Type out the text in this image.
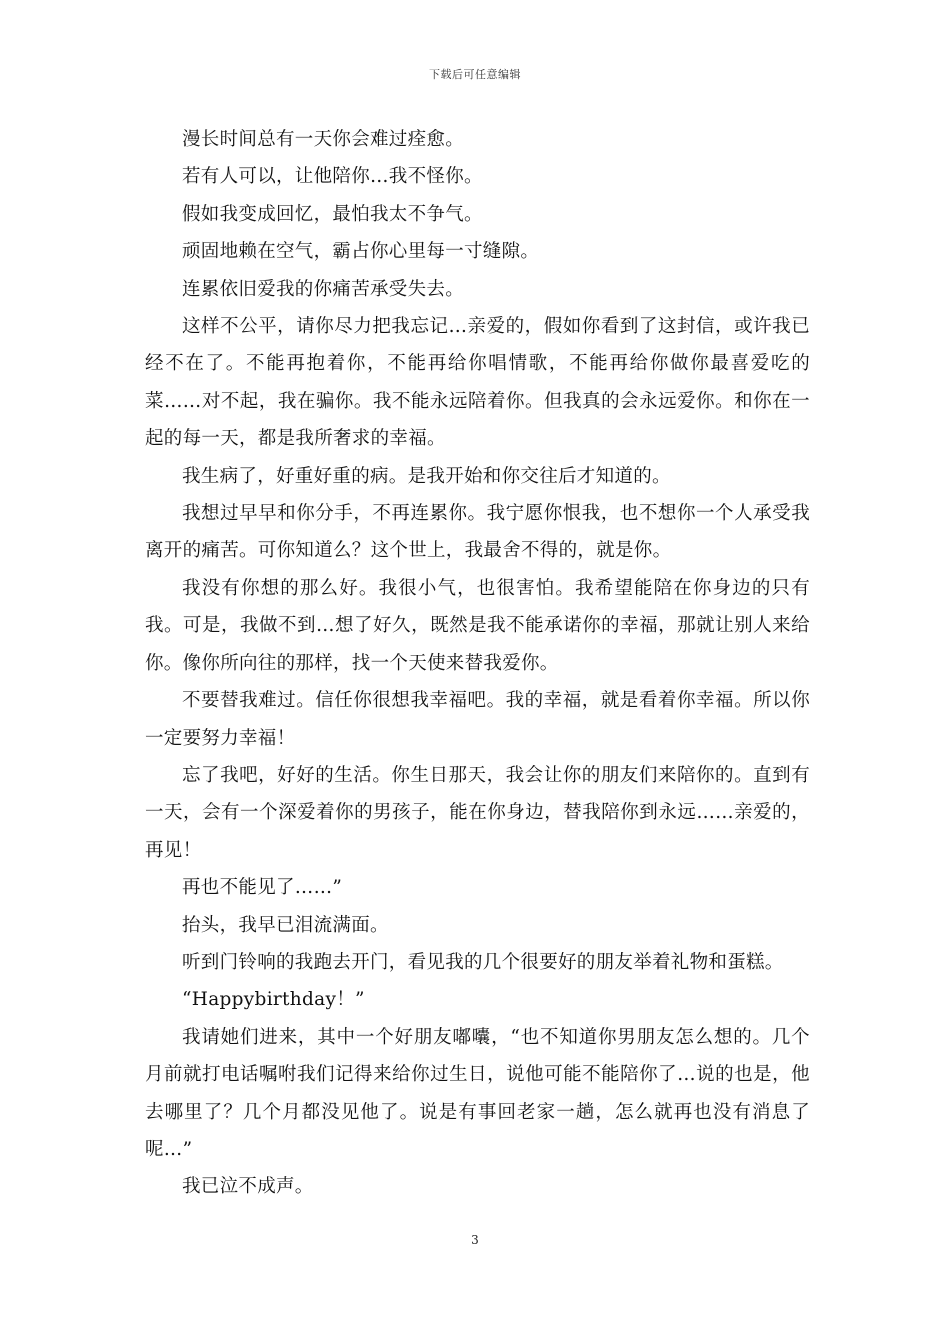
下载后可任意编辑

漫长时间总有一天你会难过痊愈。

若有人可以，让他陪你…我不怪你。

假如我变成回忆，最怕我太不争气。

顽固地赖在空气，霸占你心里每一寸缝隙。

连累依旧爱我的你痛苦承受失去。

这样不公平，请你尽力把我忘记…亲爱的，假如你看到了这封信，或许我已经不在了。不能再抱着你，不能再给你唱情歌，不能再给你做你最喜爱吃的菜……对不起，我在骗你。我不能永远陪着你。但我真的会永远爱你。和你在一起的每一天，都是我所奢求的幸福。

我生病了，好重好重的病。是我开始和你交往后才知道的。

我想过早早和你分手，不再连累你。我宁愿你恨我，也不想你一个人承受我离开的痛苦。可你知道么？这个世上，我最舍不得的，就是你。

我没有你想的那么好。我很小气，也很害怕。我希望能陪在你身边的只有我。可是，我做不到…想了好久，既然是我不能承诺你的幸福，那就让别人来给你。像你所向往的那样，找一个天使来替我爱你。

不要替我难过。信任你很想我幸福吧。我的幸福，就是看着你幸福。所以你一定要努力幸福！

忘了我吧，好好的生活。你生日那天，我会让你的朋友们来陪你的。直到有一天，会有一个深爱着你的男孩子，能在你身边，替我陪你到永远……亲爱的，再见！

再也不能见了……”

抬头，我早已泪流满面。

听到门铃响的我跑去开门，看见我的几个很要好的朋友举着礼物和蛋糕。

“Happybirthday！”

我请她们进来，其中一个好朋友嘟囔，“也不知道你男朋友怎么想的。几个月前就打电话嘱咐我们记得来给你过生日，说他可能不能陪你了…说的也是，他去哪里了？几个月都没见他了。说是有事回老家一趟，怎么就再也没有消息了呢…”

我已泣不成声。

3
